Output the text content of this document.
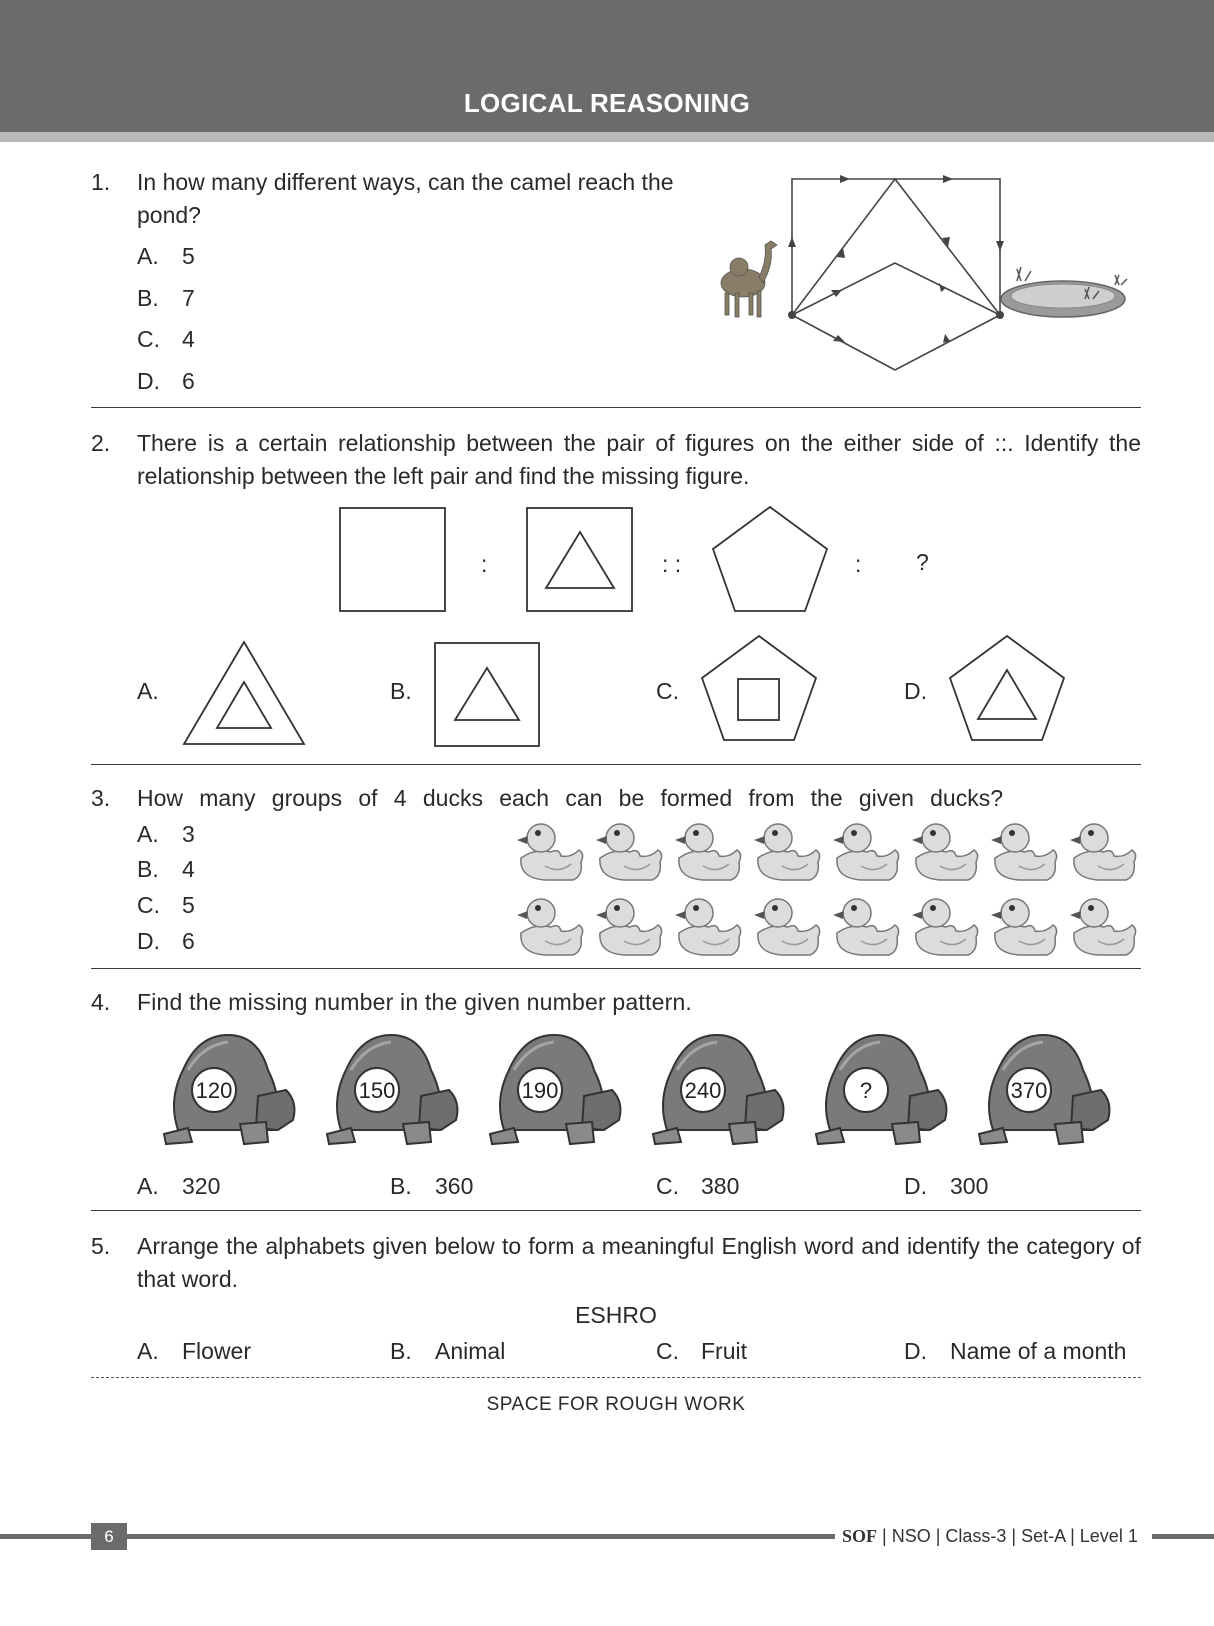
LOGICAL REASONING
1. In how many different ways, can the camel reach the
pond?
A. 5
B. 7
C. 4
D. 6
2. There is a certain relationship between the pair of figures on the either side of ::. Identify the relationship between the left pair and find the missing figure.
:	: :	: ?
A.	B.	C.	D.
3. How many groups of 4 ducks each can be formed from the given ducks?
A. 3
B. 4
C. 5
D. 6
4. Find the missing number in the given number pattern.
120	150	190	240	?	370
A. 320	B. 360	C. 380	D. 300
5. Arrange the alphabets given below to form a meaningful English word and identify the category of that word.
ESHRO
A. Flower	B. Animal	C. Fruit	D. Name of a month
SPACE FOR ROUGH WORK
6	SOF | NSO | Class-3 | Set-A | Level 1
